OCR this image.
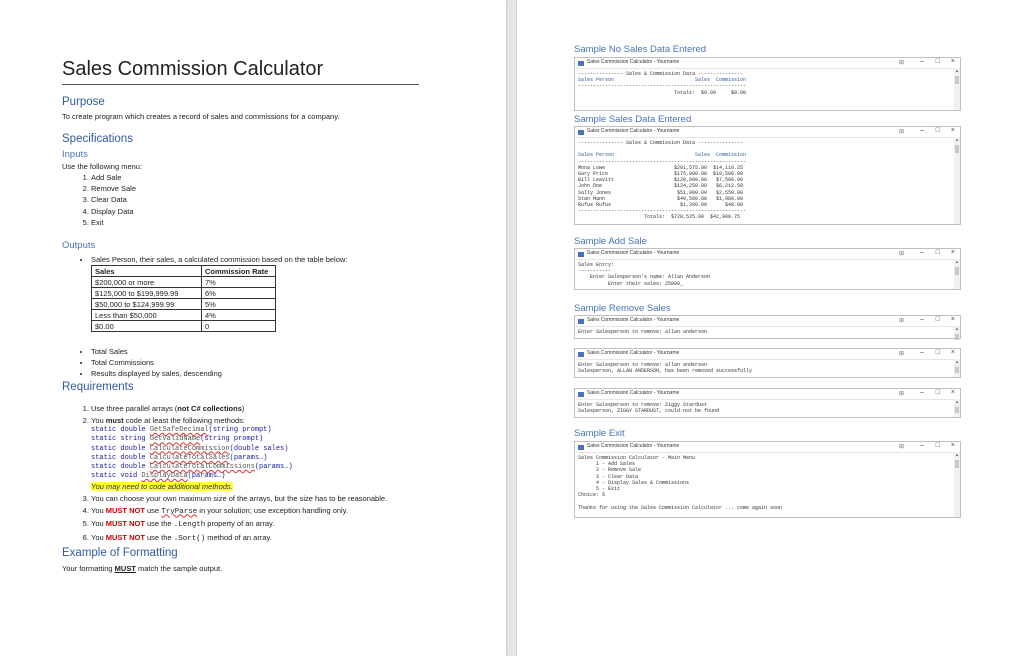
Sales Commission Calculator
Purpose
To create program which creates a record of sales and commissions for a company.
Specifications
Inputs
Use the following menu:
1. Add Sale
2. Remove Sale
3. Clear Data
4. Display Data
5. Exit
Outputs
• Sales Person, their sales, a calculated commission based on the table below:
Sales	Commission Rate
$200,000 or more	7%
$125,000 to $199,999.99	6%
$50,000 to $124,999.99	5%
Less than $50,000	4%
$0.00	0
• Total Sales
• Total Commissions
• Results displayed by sales, descending
Requirements
1. Use three parallel arrays (not C# collections)
2. You must code at least the following methods:
static double GetSafeDecimal(string prompt)
static string GetValidName(string prompt)
static double CalculateCommission(double sales)
static double CalculateTotalSales(params…)
static double CalculateTotalCommissions(params…)
static void DisplayData(params…)
You may need to code additional methods.
3. You can choose your own maximum size of the arrays, but the size has to be reasonable.
4. You MUST NOT use TryParse in your solution; use exception handling only.
5. You MUST NOT use the .Length property of an array.
6. You MUST NOT use the .Sort() method of an array.
Example of Formatting
Your formatting MUST match the sample output.
Sample No Sales Data Entered
Sales Commission Calculator - Yourname	⊞ – □ ×
--------------- Sales & Commission Data ---------------
Sales Person                           Sales  Commission
--------------------------------------------------------
Totals:  $0.00     $0.00
▲
Sample Sales Data Entered
Sales Commission Calculator - Yourname	⊞ – □ ×
--------------- Sales & Commission Data ---------------

Sales Person                           Sales  Commission
--------------------------------------------------------
Mona Lowe                       $201,575.00  $14,110.25
Gary Price                      $175,000.00  $10,500.00
Bill Leavitt                    $120,000.00   $7,500.00
John Doe                        $124,250.00   $6,212.50
Sally Jones                      $51,000.00   $2,550.00
Stan Mann                        $49,500.00   $1,980.00
Rufus Rufus                       $1,200.00      $48.00
--------------------------------------------------------
Totals:  $728,525.00  $42,900.75
▲
Sample Add Sale
Sales Commission Calculator - Yourname	⊞ – □ ×
Sales Entry:
-----------
Enter Salesperson's name: Allan Anderson
Enter their sales: 25000_
▲
Sample Remove Sales
Sales Commission Calculator - Yourname	⊞ – □ ×
Enter Salesperson to remove: allan anderson
▲
Sales Commission Calculator - Yourname	⊞ – □ ×
Enter Salesperson to remove: allan anderson
Salesperson, ALLAN ANDERSON, has been removed successfully
▲
Sales Commission Calculator - Yourname	⊞ – □ ×
Enter Salesperson to remove: Ziggy Stardust
Salesperson, ZIGGY STARDUST, could not be found
▲
Sample Exit
Sales Commission Calculator - Yourname	⊞ – □ ×
Sales Commission Calculator - Main Menu
1 - Add Sales
2 - Remove Sale
3 - Clear Data
4 - Display Sales & Commissions
5 - Exit
Choice: 5

Thanks for using the Sales Commission Calculator ... come again soon
▲
